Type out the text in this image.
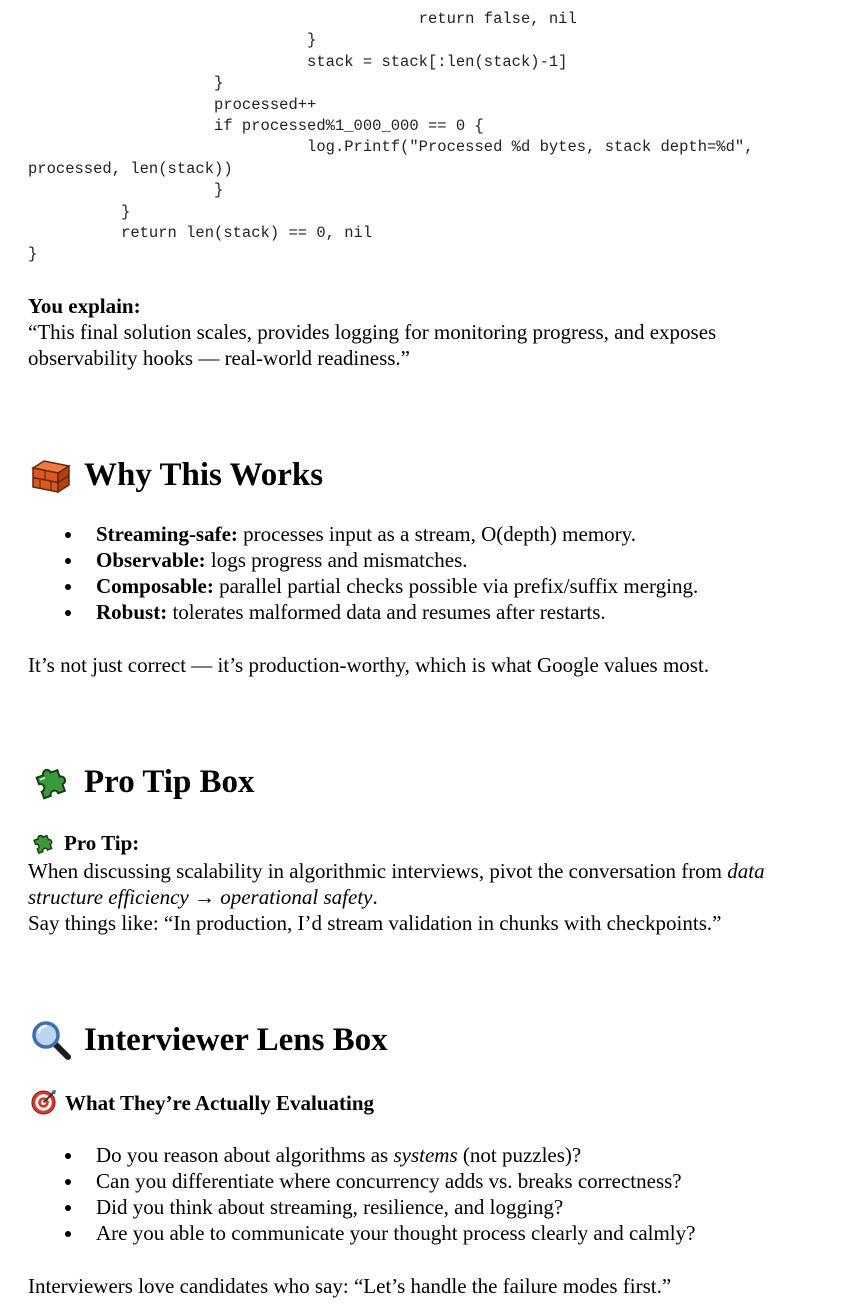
return false, nil
}
stack = stack[:len(stack)-1]
}
processed++
if processed%1_000_000 == 0 {
log.Printf("Processed %d bytes, stack depth=%d",
processed, len(stack))
}
}
return len(stack) == 0, nil
}
You explain:
“This final solution scales, provides logging for monitoring progress, and exposes
observability hooks — real-world readiness.”
Why This Works
Streaming-safe: processes input as a stream, O(depth) memory.
Observable: logs progress and mismatches.
Composable: parallel partial checks possible via prefix/suffix merging.
Robust: tolerates malformed data and resumes after restarts.

It’s not just correct — it’s production-worthy, which is what Google values most.

Pro Tip Box
Pro Tip:
When discussing scalability in algorithmic interviews, pivot the conversation from data
structure efficiency → operational safety.
Say things like: “In production, I’d stream validation in chunks with checkpoints.”
Interviewer Lens Box
What They’re Actually Evaluating
Do you reason about algorithms as systems (not puzzles)?
Can you differentiate where concurrency adds vs. breaks correctness?
Did you think about streaming, resilience, and logging?
Are you able to communicate your thought process clearly and calmly?

Interviewers love candidates who say: “Let’s handle the failure modes first.”
